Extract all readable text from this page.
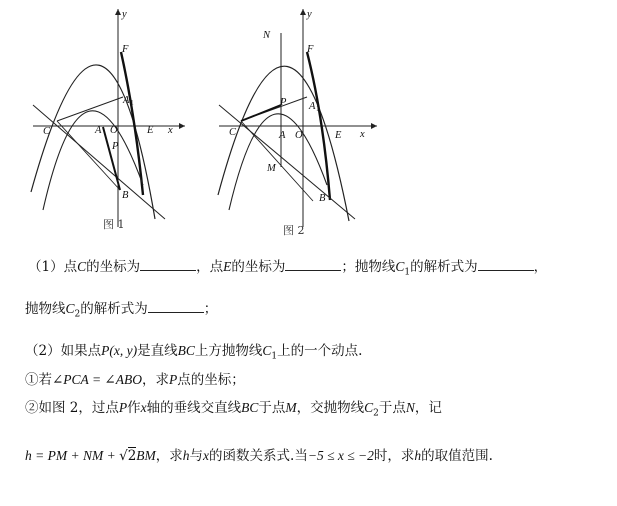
y
x
C	A O	E
F
A 1
P
B
图 1
y
x
C	A O	E
F
N
A 1
P
M
B
图 2
（1）点C的坐标为	，点E的坐标为	；抛物线$C_1$的解析式为	，
抛物线$C_2$的解析式为	；
（2）如果点P(x, y)是直线BC上方抛物线$C_1$上的一个动点.
①若∠PCA = ∠ABO，求P点的坐标；
②如图 2，过点P作x轴的垂线交直线BC于点M，交抛物线$C_2$于点N，记
h = PM + NM + √2BM，求h与x的函数关系式.当−5 ≤ x ≤ −2时，求h的取值范围.
